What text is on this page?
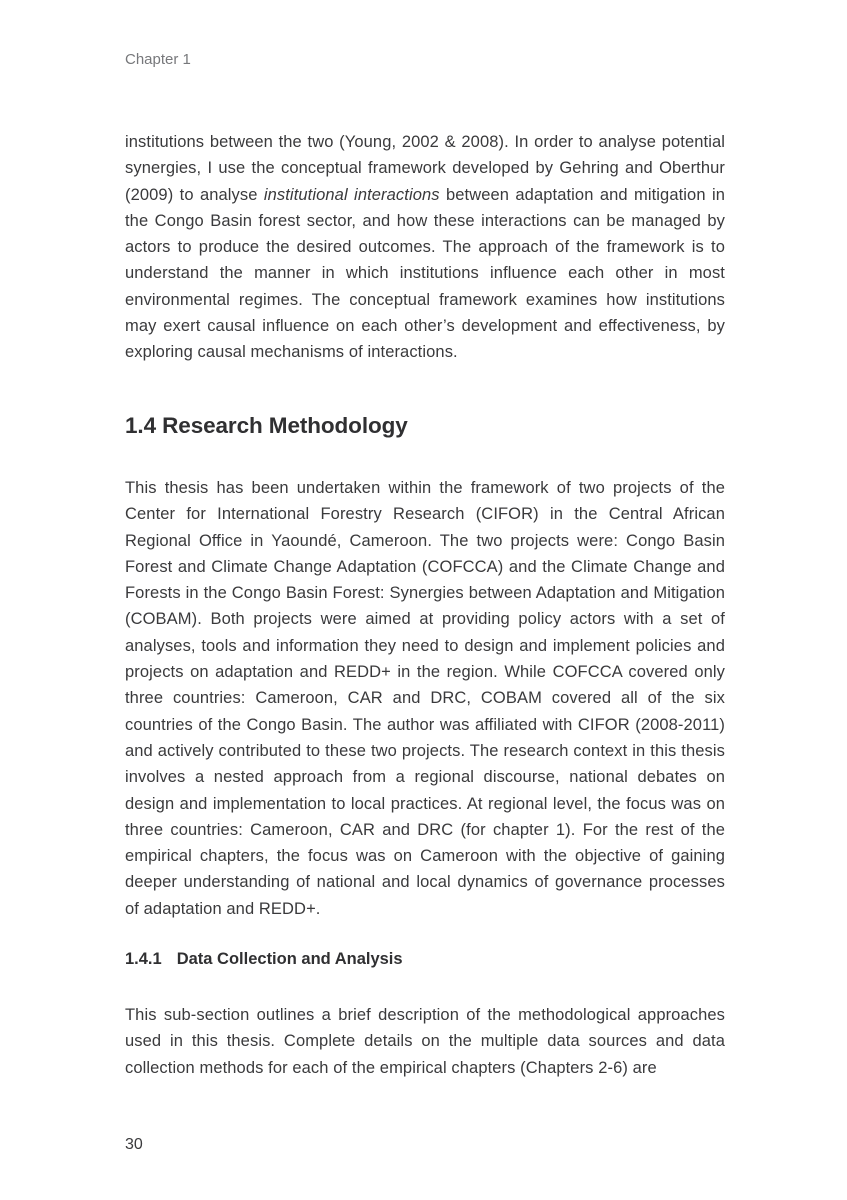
Chapter 1

institutions between the two (Young, 2002 & 2008). In order to analyse potential synergies, I use the conceptual framework developed by Gehring and Oberthur (2009) to analyse institutional interactions between adaptation and mitigation in the Congo Basin forest sector, and how these interactions can be managed by actors to produce the desired outcomes. The approach of the framework is to understand the manner in which institutions influence each other in most environmental regimes. The conceptual framework examines how institutions may exert causal influence on each other’s development and effectiveness, by exploring causal mechanisms of interactions.

1.4 Research Methodology

This thesis has been undertaken within the framework of two projects of the Center for International Forestry Research (CIFOR) in the Central African Regional Office in Yaoundé, Cameroon. The two projects were: Congo Basin Forest and Climate Change Adaptation (COFCCA) and the Climate Change and Forests in the Congo Basin Forest: Synergies between Adaptation and Mitigation (COBAM). Both projects were aimed at providing policy actors with a set of analyses, tools and information they need to design and implement policies and projects on adaptation and REDD+ in the region. While COFCCA covered only three countries: Cameroon, CAR and DRC, COBAM covered all of the six countries of the Congo Basin. The author was affiliated with CIFOR (2008-2011) and actively contributed to these two projects. The research context in this thesis involves a nested approach from a regional discourse, national debates on design and implementation to local practices. At regional level, the focus was on three countries: Cameroon, CAR and DRC (for chapter 1). For the rest of the empirical chapters, the focus was on Cameroon with the objective of gaining deeper understanding of national and local dynamics of governance processes of adaptation and REDD+.

1.4.1 Data Collection and Analysis

This sub-section outlines a brief description of the methodological approaches used in this thesis. Complete details on the multiple data sources and data collection methods for each of the empirical chapters (Chapters 2-6) are

30
